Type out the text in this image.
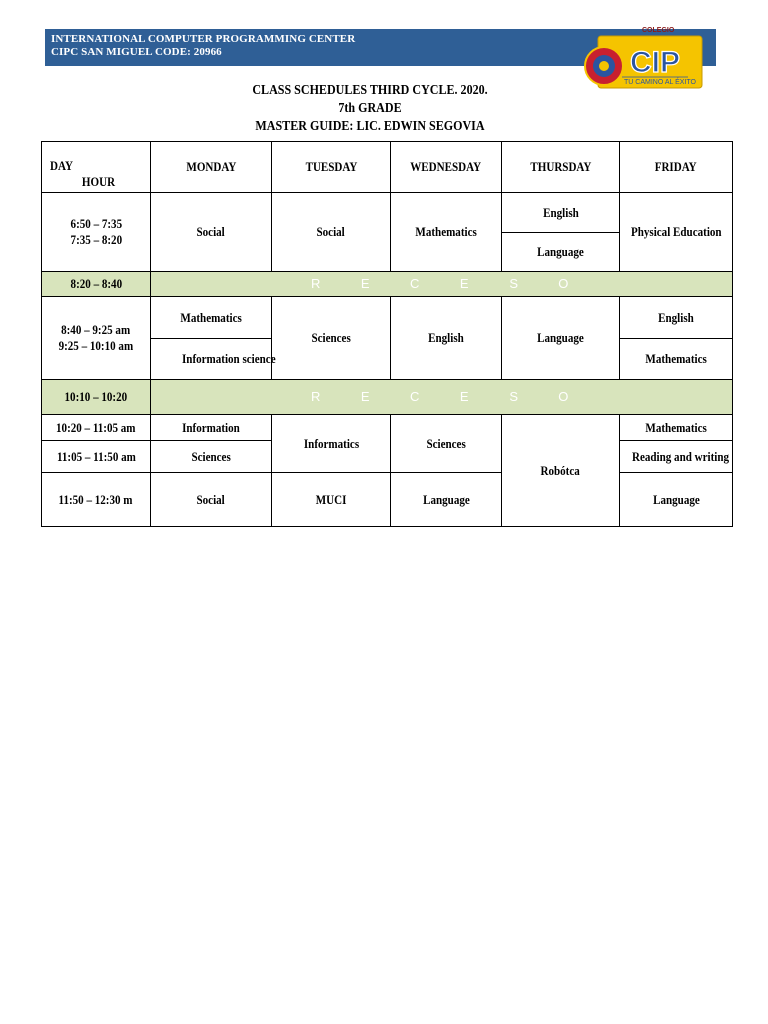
INTERNATIONAL COMPUTER PROGRAMMING CENTER
CIPC SAN MIGUEL CODE: 20966
COLEGIO
CIP
TU CAMINO AL ÉXITO
CLASS SCHEDULES THIRD CYCLE. 2020.
7th GRADE
MASTER GUIDE: LIC. EDWIN SEGOVIA
DAY
HOUR	MONDAY	TUESDAY	WEDNESDAY	THURSDAY	FRIDAY

6:50 – 7:35
7:35 – 8:20	Social	Social	Mathematics	English	Physical Education
				Language	
8:20 – 8:40	R E C E S O				

8:40 – 9:25 am
9:25 – 10:10 am	Mathematics	Sciences	English	Language	English
	Information science				Mathematics
10:10 – 10:20	R E C E S O				
10:20 – 11:05 am	Information	Informatics	Sciences	Robótca	Mathematics
11:05 – 11:50 am	Sciences				Reading and writing
11:50 – 12:30 m	Social	MUCI	Language		Language
